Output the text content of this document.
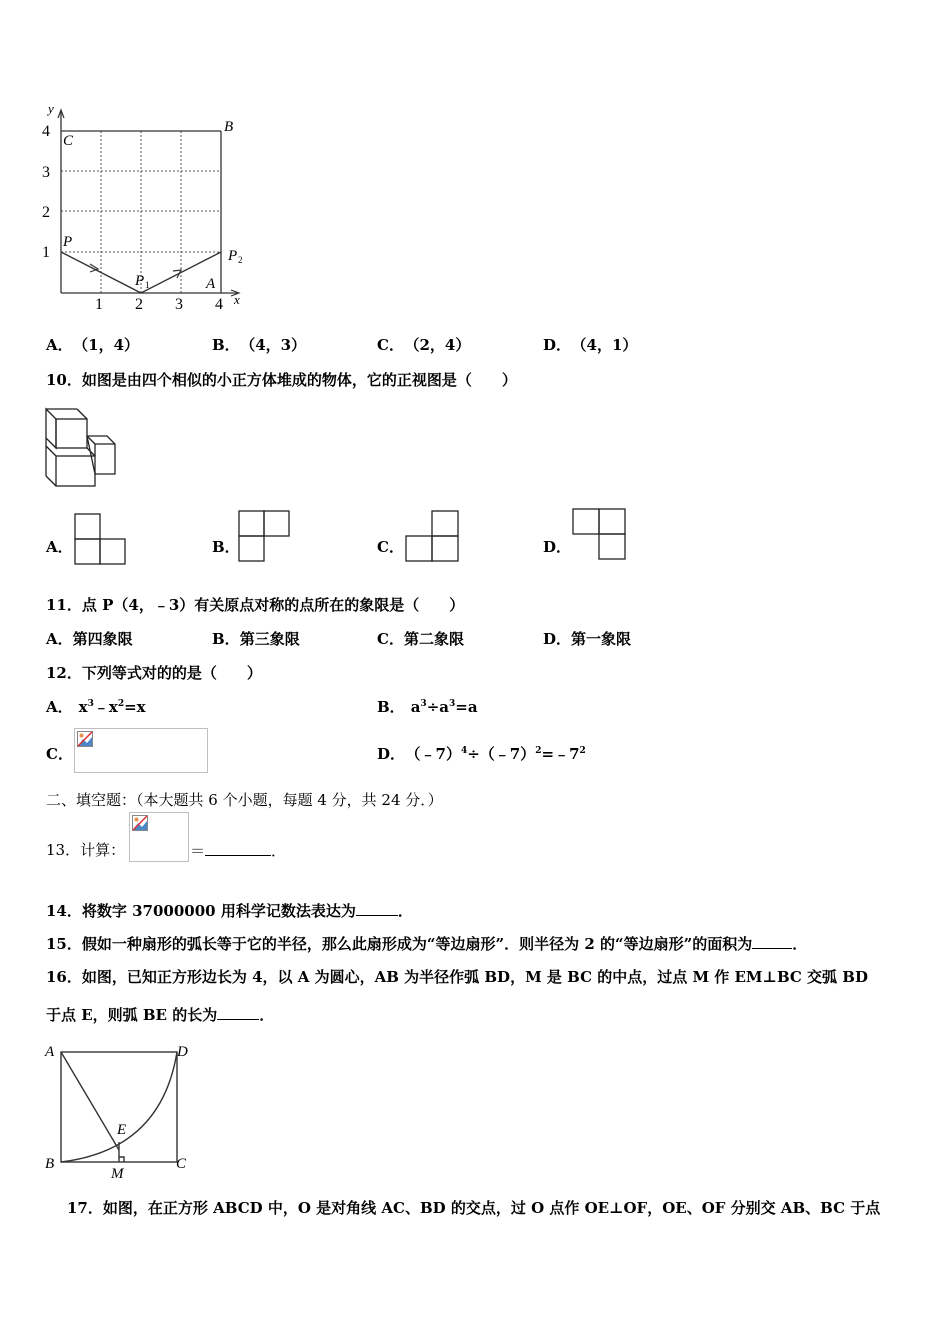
y
4
3
2
1
1 2 3 4 x
C
B
P
P 1
P 2
A
A． （1，4）	B． （4，3）	C． （2，4）	D． （4，1）
10．如图是由四个相似的小正方体堆成的物体，它的正视图是（　　）
A．	B．	C．	D．
11．点 P（4，﹣3）有关原点对称的点所在的象限是（　　）
A．第四象限	B．第三象限	C．第二象限	D．第一象限
12．下列等式对的的是（　　）
A． $x^3﹣x^2=x$	B． $a^3\div a^3=a$
C．	D． $(﹣7)^4\div(﹣7)^2=﹣7^2$
二、填空题：（本大题共 6 个小题，每题 4 分，共 24 分．）
13．计算：	＝	．
14．将数字 37000000 用科学记数法表达为	．
15．假如一种扇形的弧长等于它的半径，那么此扇形成为“等边扇形”．则半径为 2 的“等边扇形”的面积为	．
16．如图，已知正方形边长为 4，以 A 为圆心，AB 为半径作弧 BD，M 是 BC 的中点，过点 M 作 EM⊥BC 交弧 BD
于点 E，则弧 BE 的长为	．
A	D
E
B
M
C
17．如图，在正方形 ABCD 中，O 是对角线 AC、BD 的交点，过 O 点作 OE⊥OF，OE、OF 分别交 AB、BC 于点
